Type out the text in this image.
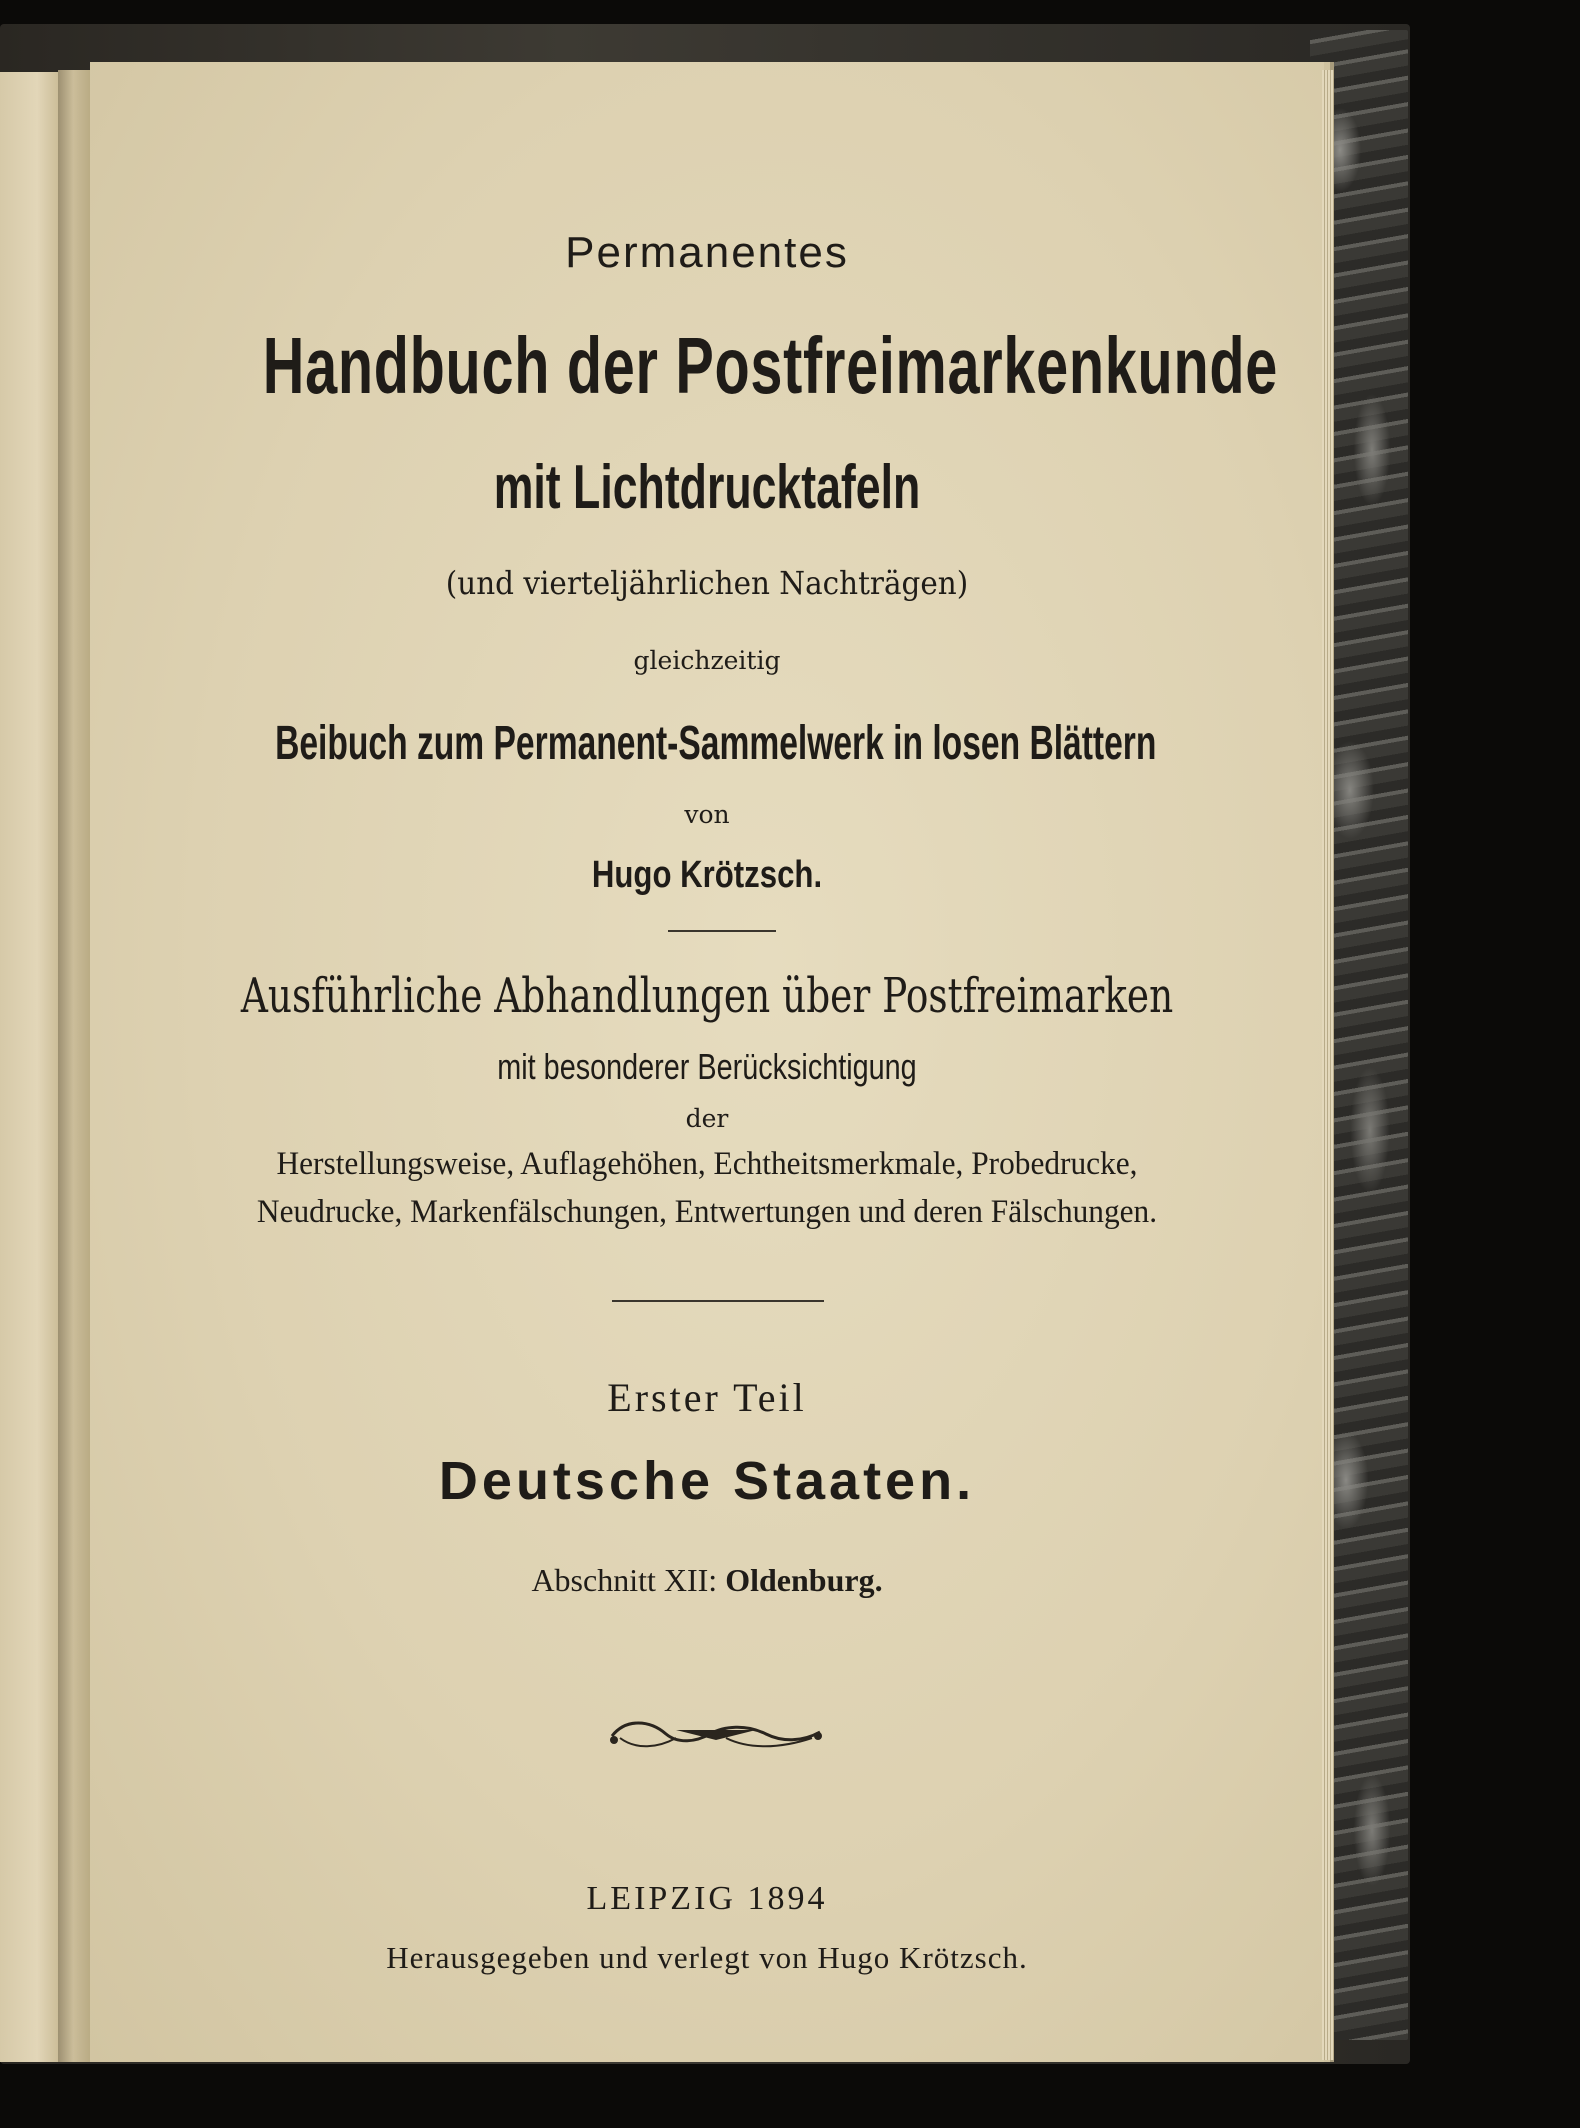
Permanentes

Handbuch der Postfreimarkenkunde

mit Lichtdrucktafeln

(und vierteljährlichen Nachträgen)

gleichzeitig

Beibuch zum Permanent-Sammelwerk in losen Blättern

von

Hugo Krötzsch.

Ausführliche Abhandlungen über Postfreimarken

mit besonderer Berücksichtigung

der

Herstellungsweise, Auflagehöhen, Echtheitsmerkmale, Probedrucke,

Neudrucke, Markenfälschungen, Entwertungen und deren Fälschungen.

Erster Teil

Deutsche Staaten.

Abschnitt XII: Oldenburg.

LEIPZIG 1894

Herausgegeben und verlegt von Hugo Krötzsch.
